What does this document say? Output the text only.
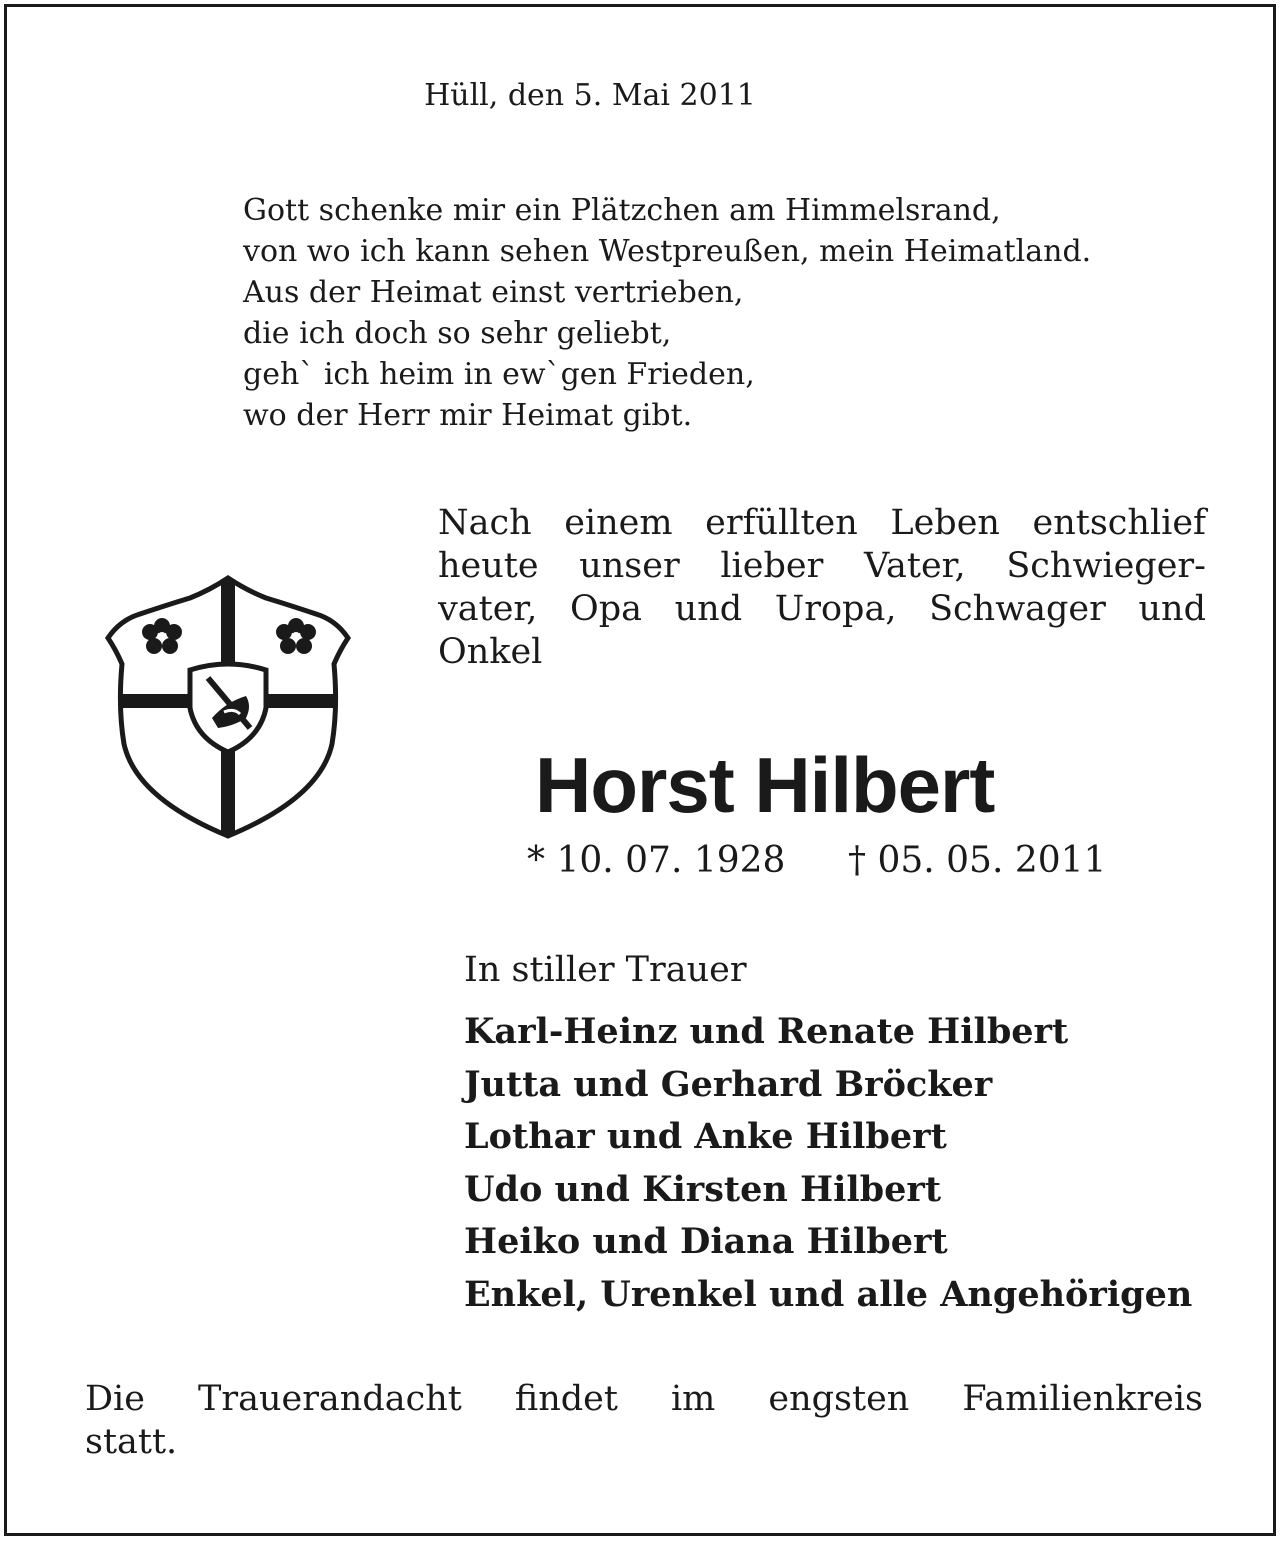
Hüll, den 5. Mai 2011

Gott schenke mir ein Plätzchen am Himmelsrand,
von wo ich kann sehen Westpreußen, mein Heimatland.
Aus der Heimat einst vertrieben,
die ich doch so sehr geliebt,
geh` ich heim in ew`gen Frieden,
wo der Herr mir Heimat gibt.
Nach einem erfüllten Leben entschlief
heute unser lieber Vater, Schwieger-
vater, Opa und Uropa, Schwager und
Onkel
Horst Hilbert

* 10. 07. 1928 † 05. 05. 2011

In stiller Trauer

Karl-Heinz und Renate Hilbert
Jutta und Gerhard Bröcker
Lothar und Anke Hilbert
Udo und Kirsten Hilbert
Heiko und Diana Hilbert
Enkel, Urenkel und alle Angehörigen
Die Trauerandacht findet im engsten Familienkreis
statt.
